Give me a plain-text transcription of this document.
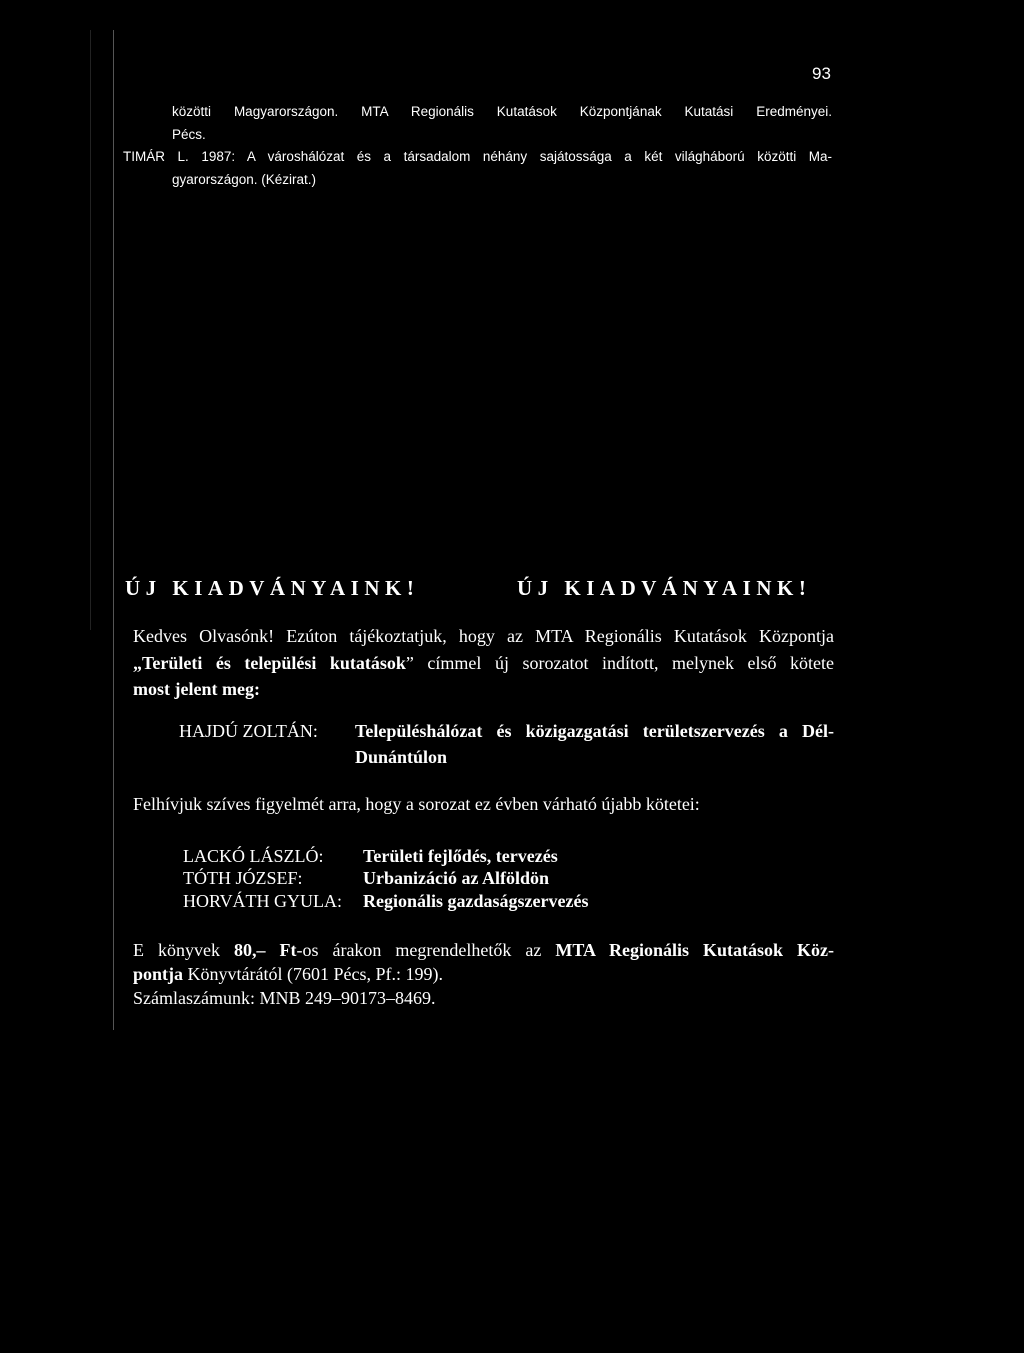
93
közötti Magyarországon. MTA Regionális Kutatások Központjának Kutatási Eredményei.
Pécs.
TIMÁR L. 1987: A városhálózat és a társadalom néhány sajátossága a két világháború közötti Ma-
gyarországon. (Kézirat.)
ÚJ KIADVÁNYAINK!	ÚJ KIADVÁNYAINK!
Kedves Olvasónk! Ezúton tájékoztatjuk, hogy az MTA Regionális Kutatások Központja
„Területi és települési kutatások” címmel új sorozatot indított, melynek első kötete
most jelent meg:
HAJDÚ ZOLTÁN: Településhálózat és közigazgatási területszervezés a Dél-
Dunántúlon
Felhívjuk szíves figyelmét arra, hogy a sorozat ez évben várható újabb kötetei:
LACKÓ LÁSZLÓ: Területi fejlődés, tervezés
TÓTH JÓZSEF:	Urbanizáció az Alföldön
HORVÁTH GYULA: Regionális gazdaságszervezés
E könyvek 80,– Ft-os árakon megrendelhetők az MTA Regionális Kutatások Köz-
pontja Könyvtárától (7601 Pécs, Pf.: 199).
Számlaszámunk: MNB 249–90173–8469.
